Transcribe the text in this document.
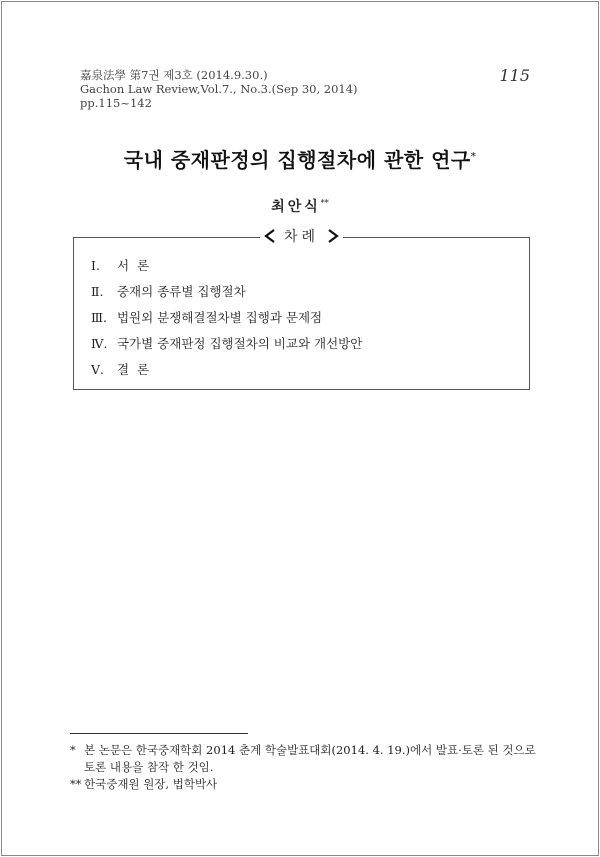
嘉泉法學 第7권 제3호 (2014.9.30.)
Gachon Law Review,Vol.7., No.3.(Sep 30, 2014)
pp.115~142
115
국내 중재판정의 집행절차에 관한 연구*
최안식**
차례
Ⅰ. 서  론
Ⅱ. 중재의 종류별 집행절차
Ⅲ. 법원외 분쟁해결절차별 집행과 문제점
Ⅳ. 국가별 중재판정 집행절차의 비교와 개선방안
Ⅴ. 결  론
* 본 논문은 한국중재학회 2014 춘계 학술발표대회(2014. 4. 19.)에서 발표·토론 된 것으로
토론 내용을 참작 한 것임.
** 한국중재원 원장, 법학박사
